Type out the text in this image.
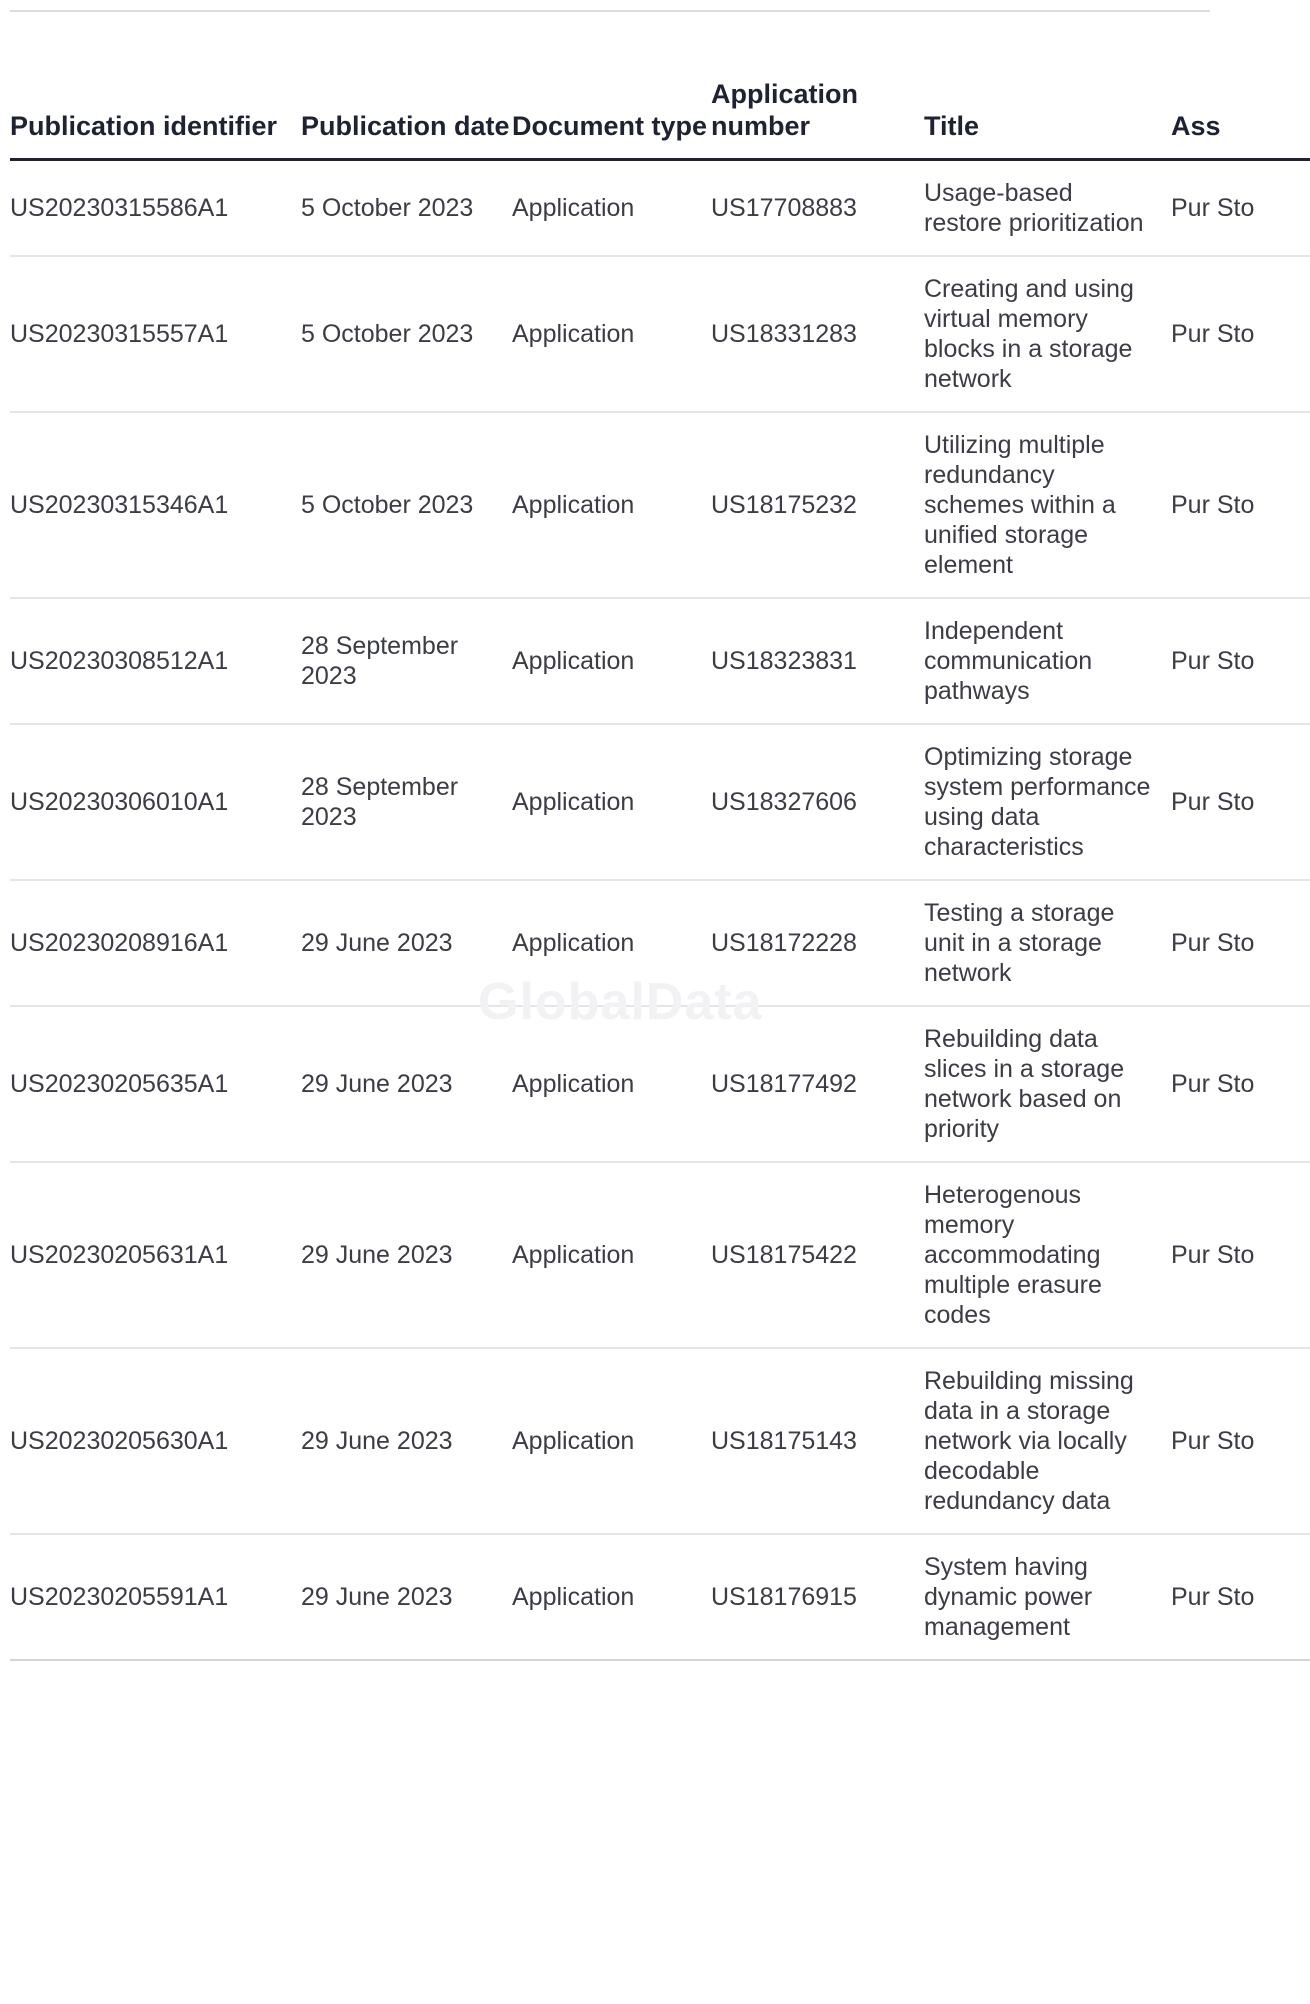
Publication identifier	Publication date	Document type	Application number	Title	Ass
US20230315586A1	5 October 2023	Application	US17708883	Usage-based restore prioritization	Pur Sto
US20230315557A1	5 October 2023	Application	US18331283	Creating and using virtual memory blocks in a storage network	Pur Sto
US20230315346A1	5 October 2023	Application	US18175232	Utilizing multiple redundancy schemes within a unified storage element	Pur Sto
US20230308512A1	28 September 2023	Application	US18323831	Independent communication pathways	Pur Sto
US20230306010A1	28 September 2023	Application	US18327606	Optimizing storage system performance using data characteristics	Pur Sto
US20230208916A1	29 June 2023	Application	US18172228	Testing a storage unit in a storage network	Pur Sto
US20230205635A1	29 June 2023	Application	US18177492	Rebuilding data slices in a storage network based on priority	Pur Sto
US20230205631A1	29 June 2023	Application	US18175422	Heterogenous memory accommodating multiple erasure codes	Pur Sto
US20230205630A1	29 June 2023	Application	US18175143	Rebuilding missing data in a storage network via locally decodable redundancy data	Pur Sto
US20230205591A1	29 June 2023	Application	US18176915	System having dynamic power management	Pur Sto
GlobalData
